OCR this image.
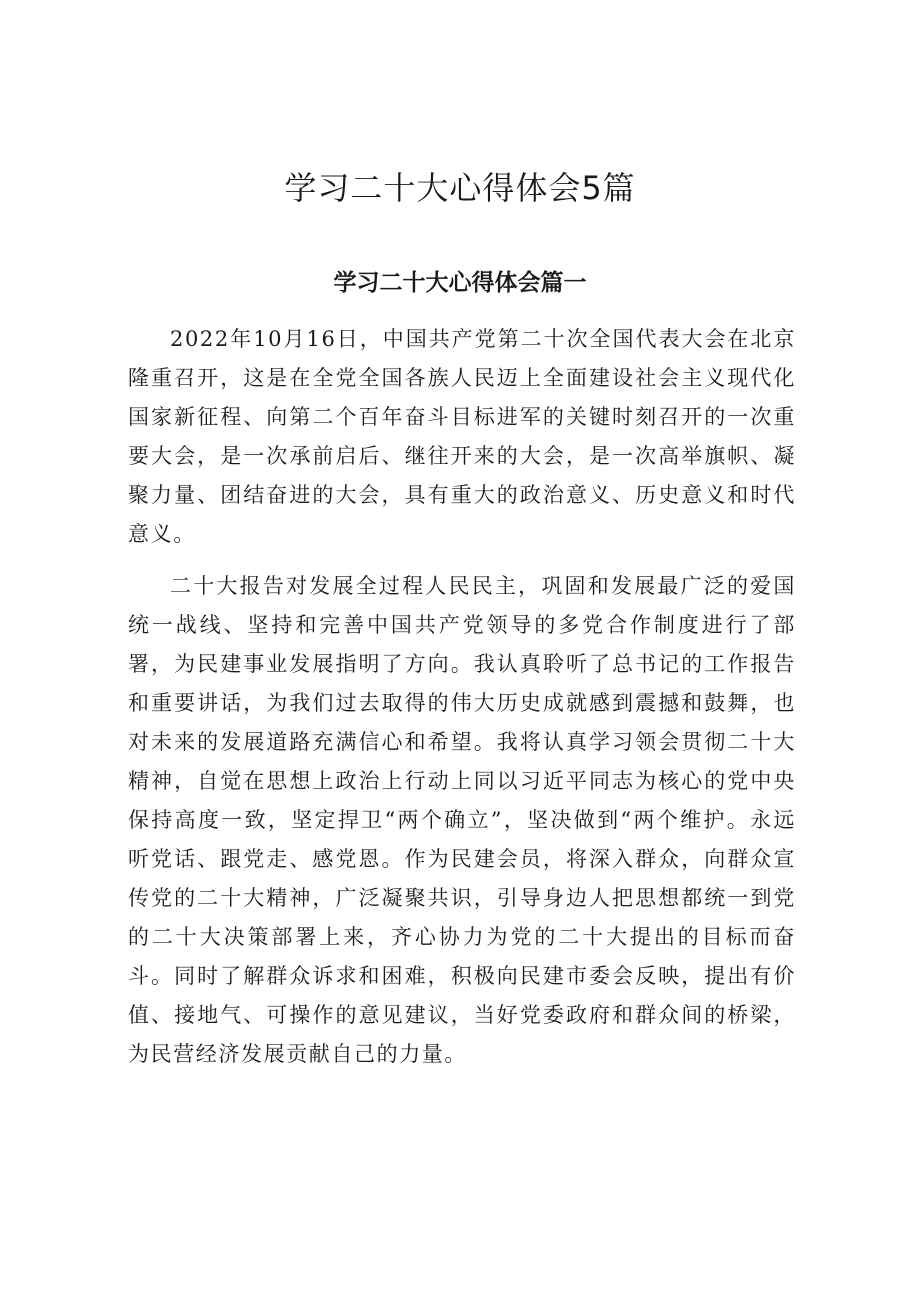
学习二十大心得体会5篇
学习二十大心得体会篇一

2022年10月16日，中国共产党第二十次全国代表大会在北京隆重召开，这是在全党全国各族人民迈上全面建设社会主义现代化国家新征程、向第二个百年奋斗目标进军的关键时刻召开的一次重要大会，是一次承前启后、继往开来的大会，是一次高举旗帜、凝聚力量、团结奋进的大会，具有重大的政治意义、历史意义和时代意义。

二十大报告对发展全过程人民民主，巩固和发展最广泛的爱国统一战线、坚持和完善中国共产党领导的多党合作制度进行了部署，为民建事业发展指明了方向。我认真聆听了总书记的工作报告和重要讲话，为我们过去取得的伟大历史成就感到震撼和鼓舞，也对未来的发展道路充满信心和希望。我将认真学习领会贯彻二十大精神，自觉在思想上政治上行动上同以习近平同志为核心的党中央保持高度一致，坚定捍卫“两个确立”，坚决做到“两个维护。永远听党话、跟党走、感党恩。作为民建会员，将深入群众，向群众宣传党的二十大精神，广泛凝聚共识，引导身边人把思想都统一到党的二十大决策部署上来，齐心协力为党的二十大提出的目标而奋斗。同时了解群众诉求和困难，积极向民建市委会反映，提出有价值、接地气、可操作的意见建议，当好党委政府和群众间的桥梁，为民营经济发展贡献自己的力量。
